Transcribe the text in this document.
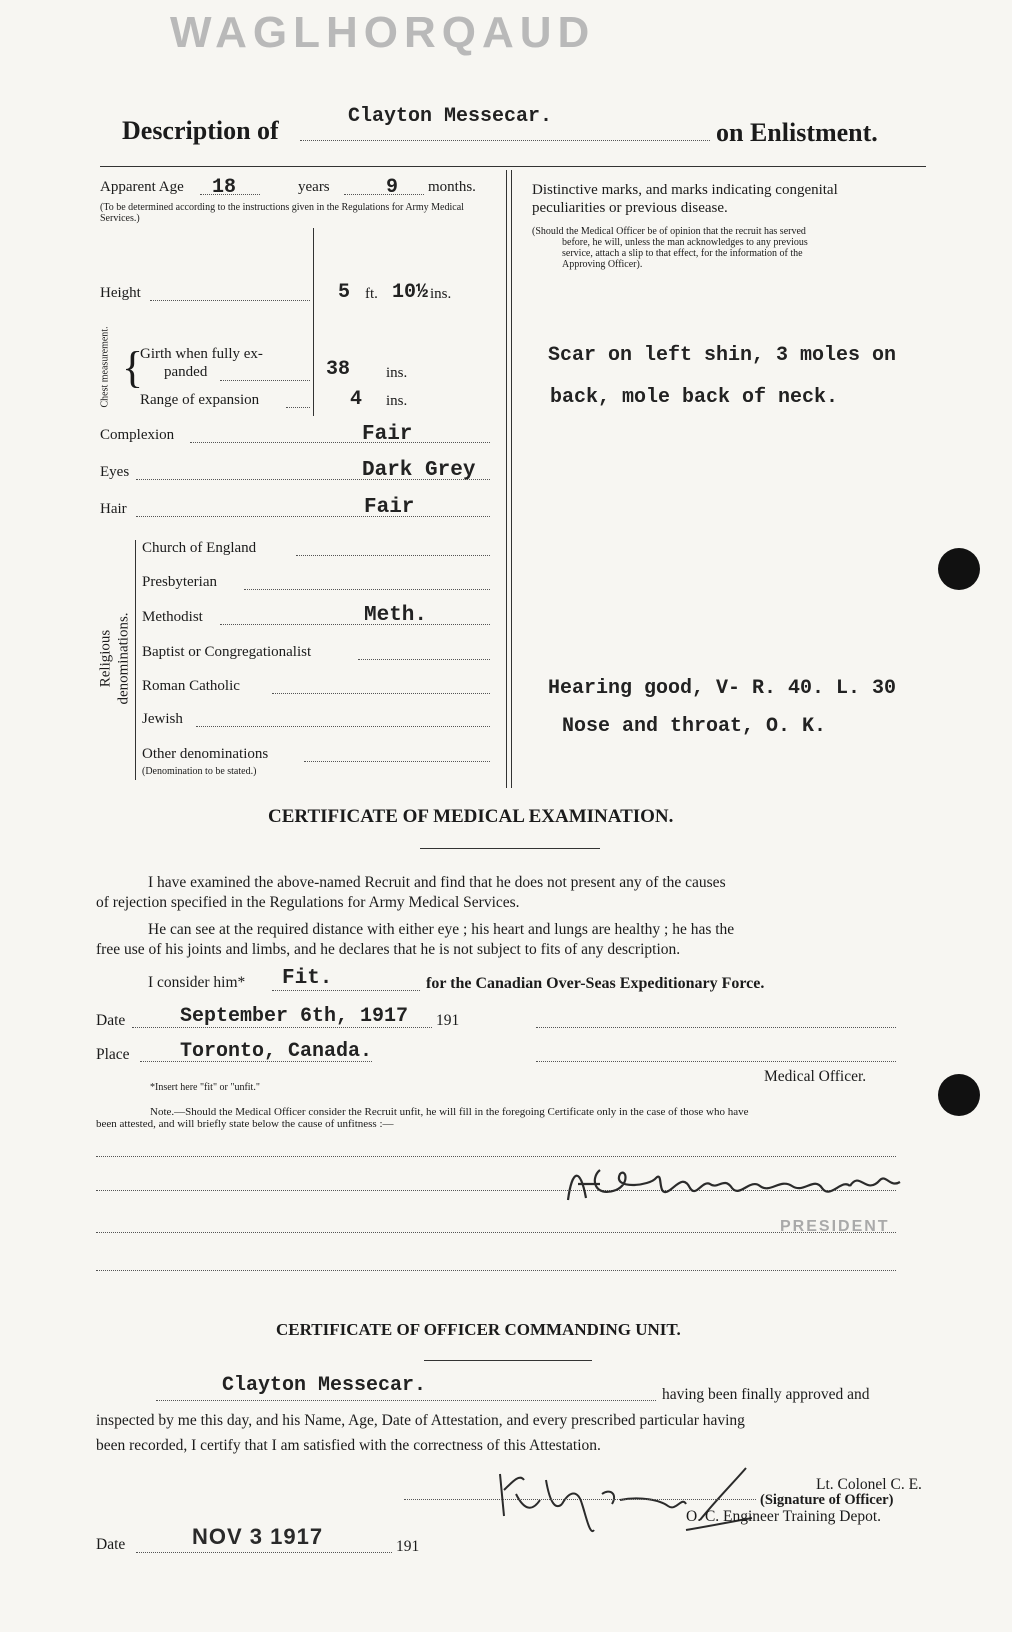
WAGLHORQAUD
Description of	Clayton Messecar.
on Enlistment.
Apparent Age 18	years	9 months.
(To be determined according to the instructions given in the Regulations for Army Medical Services.)
Height	5 ft. 10½ ins.
Chest measurement. {
Girth when fully ex-
panded	38 ins.
Range of expansion	4 ins.
Complexion	Fair
Eyes	Dark Grey
Hair	Fair
Religious denominations.
Church of England
Presbyterian
Methodist	Meth.
Baptist or Congregationalist
Roman Catholic
Jewish
Other denominations
(Denomination to be stated.)
Distinctive marks, and marks indicating congenital
peculiarities or previous disease.
(Should the Medical Officer be of opinion that the recruit has served
before, he will, unless the man acknowledges to any previous
service, attach a slip to that effect, for the information of the
Approving Officer).
Scar on left shin, 3 moles on
back, mole back of neck.
Hearing good, V- R. 40. L. 30
Nose and throat, O. K.
CERTIFICATE OF MEDICAL EXAMINATION.
I have examined the above-named Recruit and find that he does not present any of the causes
of rejection specified in the Regulations for Army Medical Services.
He can see at the required distance with either eye ; his heart and lungs are healthy ; he has the
free use of his joints and limbs, and he declares that he is not subject to fits of any description.
I consider him* Fit.	for the Canadian Over-Seas Expeditionary Force.
Date	September 6th, 1917 191
Place	Toronto, Canada.
Medical Officer.
*Insert here "fit" or "unfit."
Note.—Should the Medical Officer consider the Recruit unfit, he will fill in the foregoing Certificate only in the case of those who have
been attested, and will briefly state below the cause of unfitness :—
PRESIDENT
CERTIFICATE OF OFFICER COMMANDING UNIT.
Clayton Messecar.	having been finally approved and
inspected by me this day, and his Name, Age, Date of Attestation, and every prescribed particular having
been recorded, I certify that I am satisfied with the correctness of this Attestation.
Lt. Colonel C. E.
(Signature of Officer)
O. C. Engineer Training Depot.
Date	NOV 3 1917	191
